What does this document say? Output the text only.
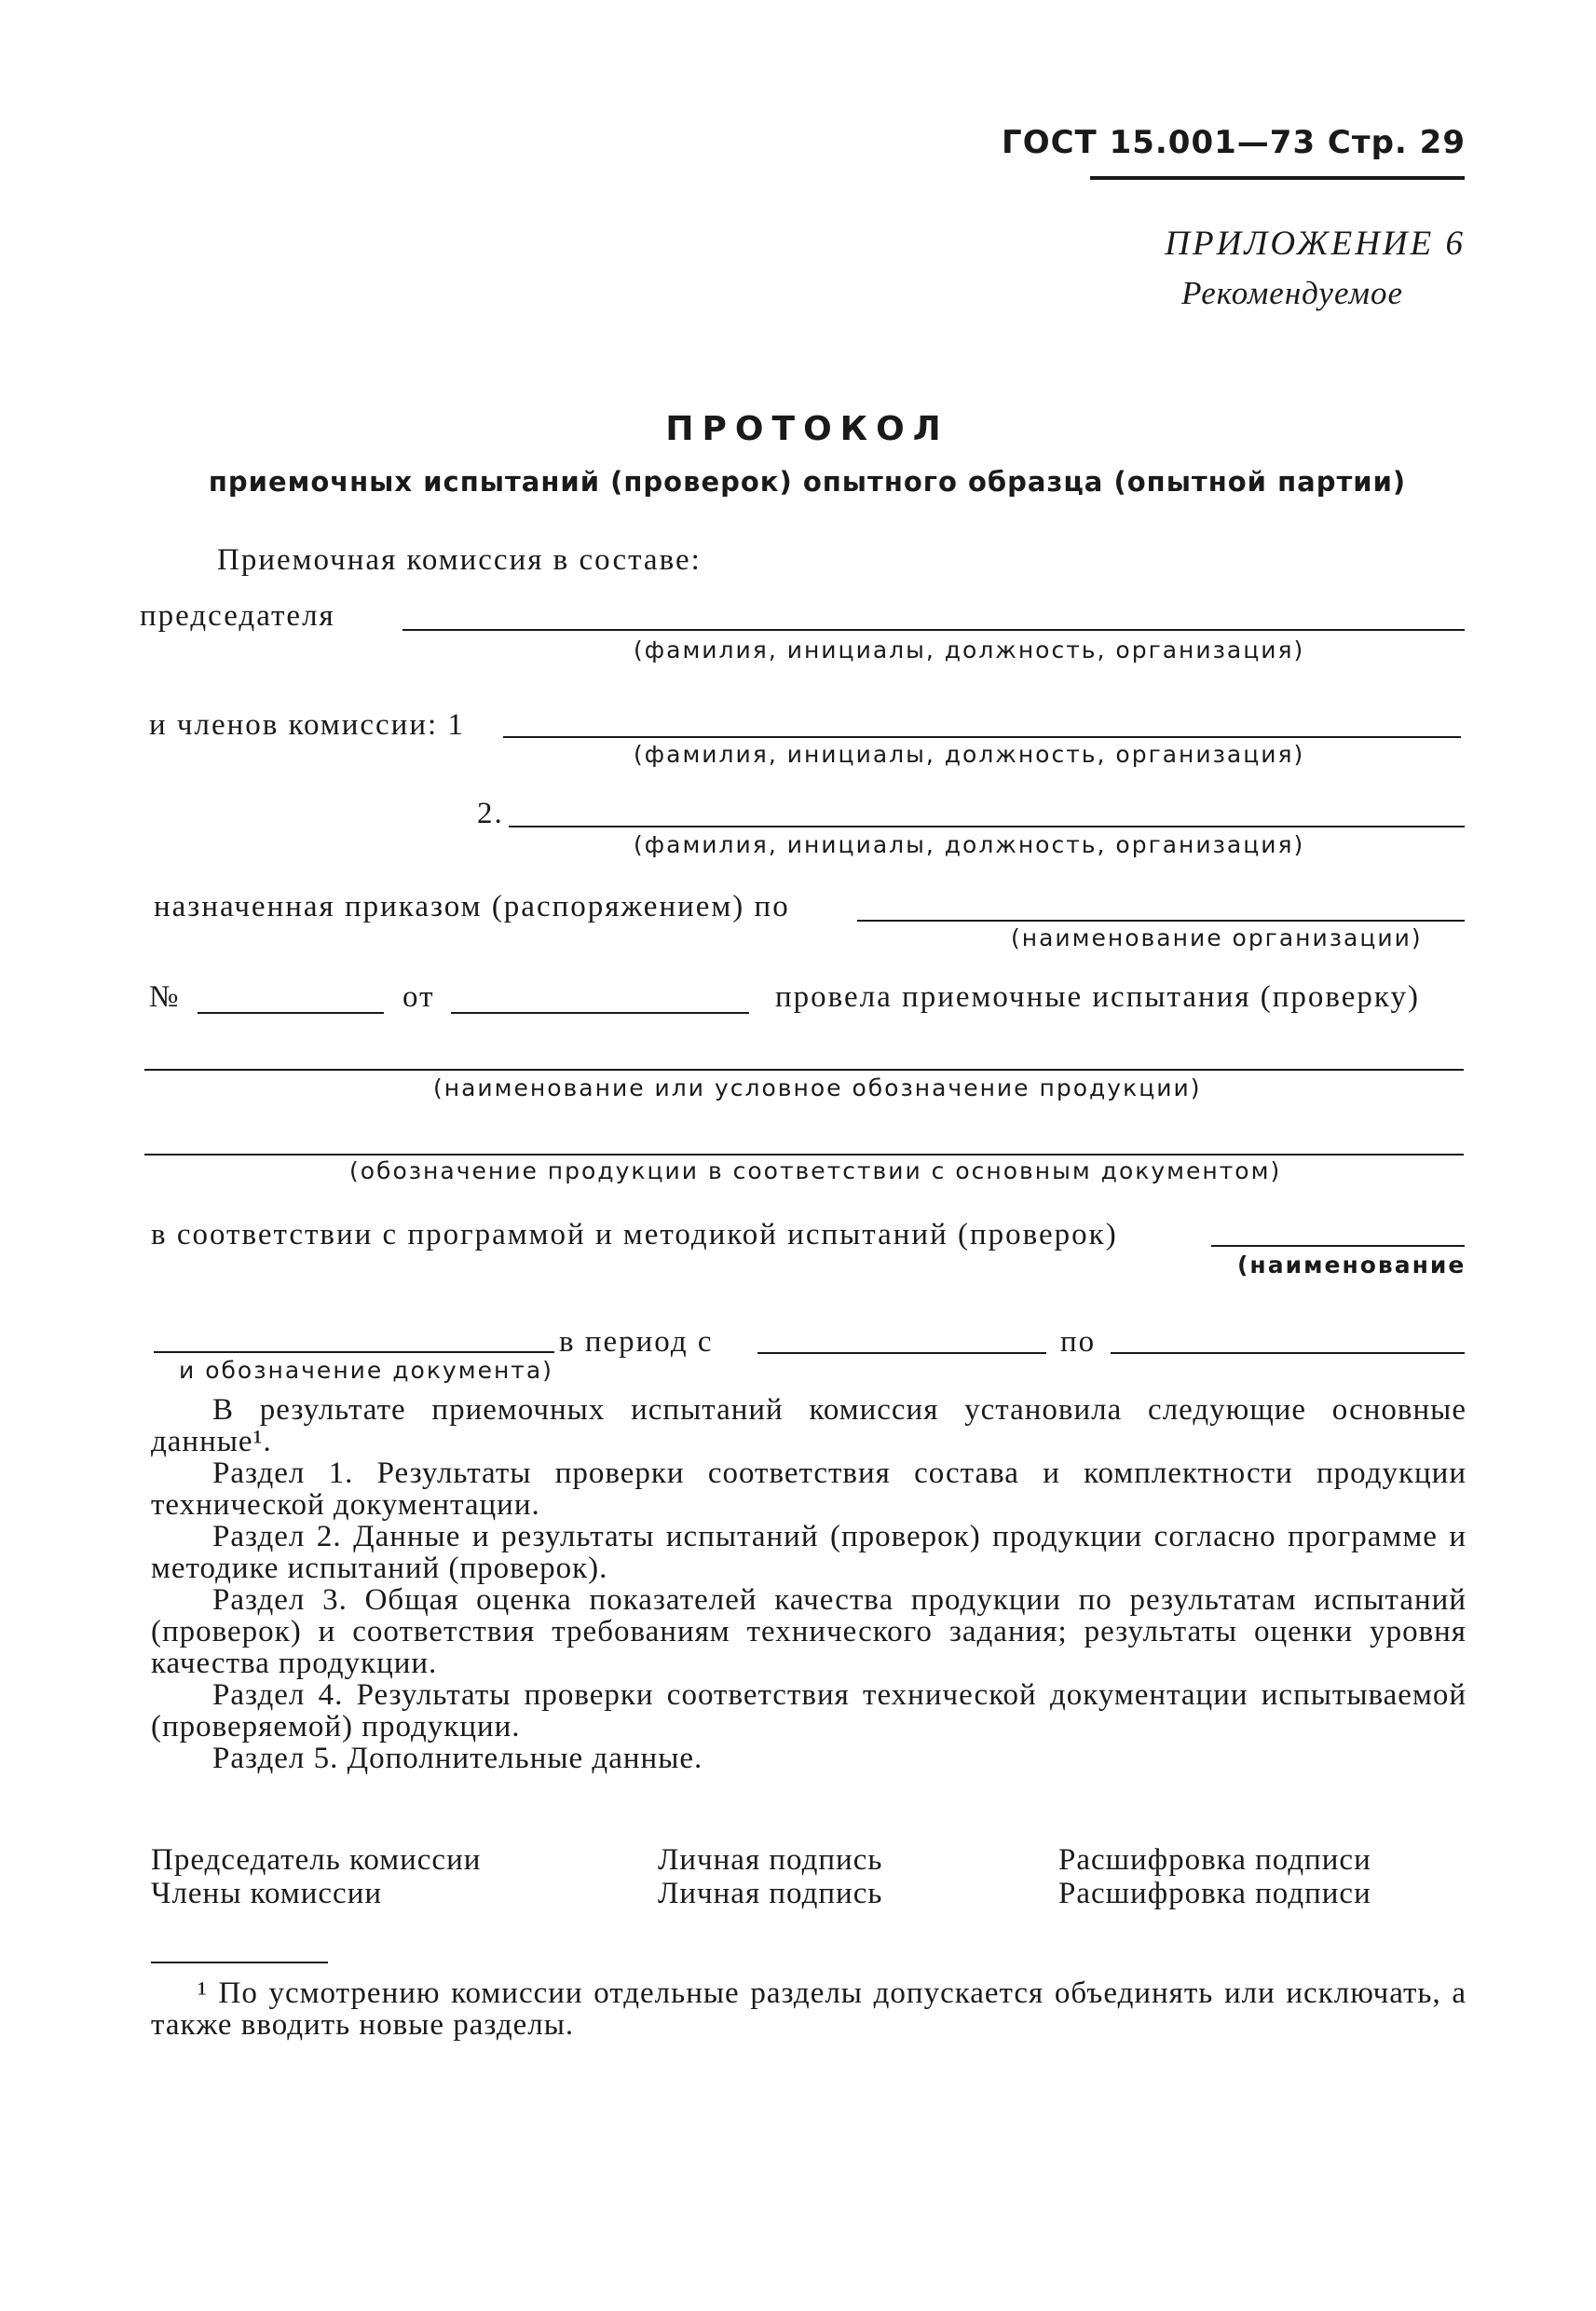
ГОСТ 15.001—73 Стр. 29
ПРИЛОЖЕНИЕ 6
Рекомендуемое
ПРОТОКОЛ
приемочных испытаний (проверок) опытного образца (опытной партии)
Приемочная комиссия в составе:
председателя
(фамилия, инициалы, должность, организация)
и членов комиссии: 1
(фамилия, инициалы, должность, организация)
2.
(фамилия, инициалы, должность, организация)
назначенная приказом (распоряжением) по
(наименование организации)
№	от	провела приемочные испытания (проверку)
(наименование или условное обозначение продукции)
(обозначение продукции в соответствии с основным документом)
в соответствии с программой и методикой испытаний (проверок)
(наименование
и обозначение документа)
в период с	по
В результате приемочных испытаний комиссия установила следующие основные данные¹.
Раздел 1. Результаты проверки соответствия состава и комплектности продукции технической документации.
Раздел 2. Данные и результаты испытаний (проверок) продукции согласно программе и методике испытаний (проверок).
Раздел 3. Общая оценка показателей качества продукции по результатам испытаний (проверок) и соответствия требованиям технического задания; результаты оценки уровня качества продукции.
Раздел 4. Результаты проверки соответствия технической документации испытываемой (проверяемой) продукции.
Раздел 5. Дополнительные данные.
Председатель комиссии	Личная подпись	Расшифровка подписи
Члены комиссии	Личная подпись	Расшифровка подписи
¹ По усмотрению комиссии отдельные разделы допускается объединять или исключать, а также вводить новые разделы.
